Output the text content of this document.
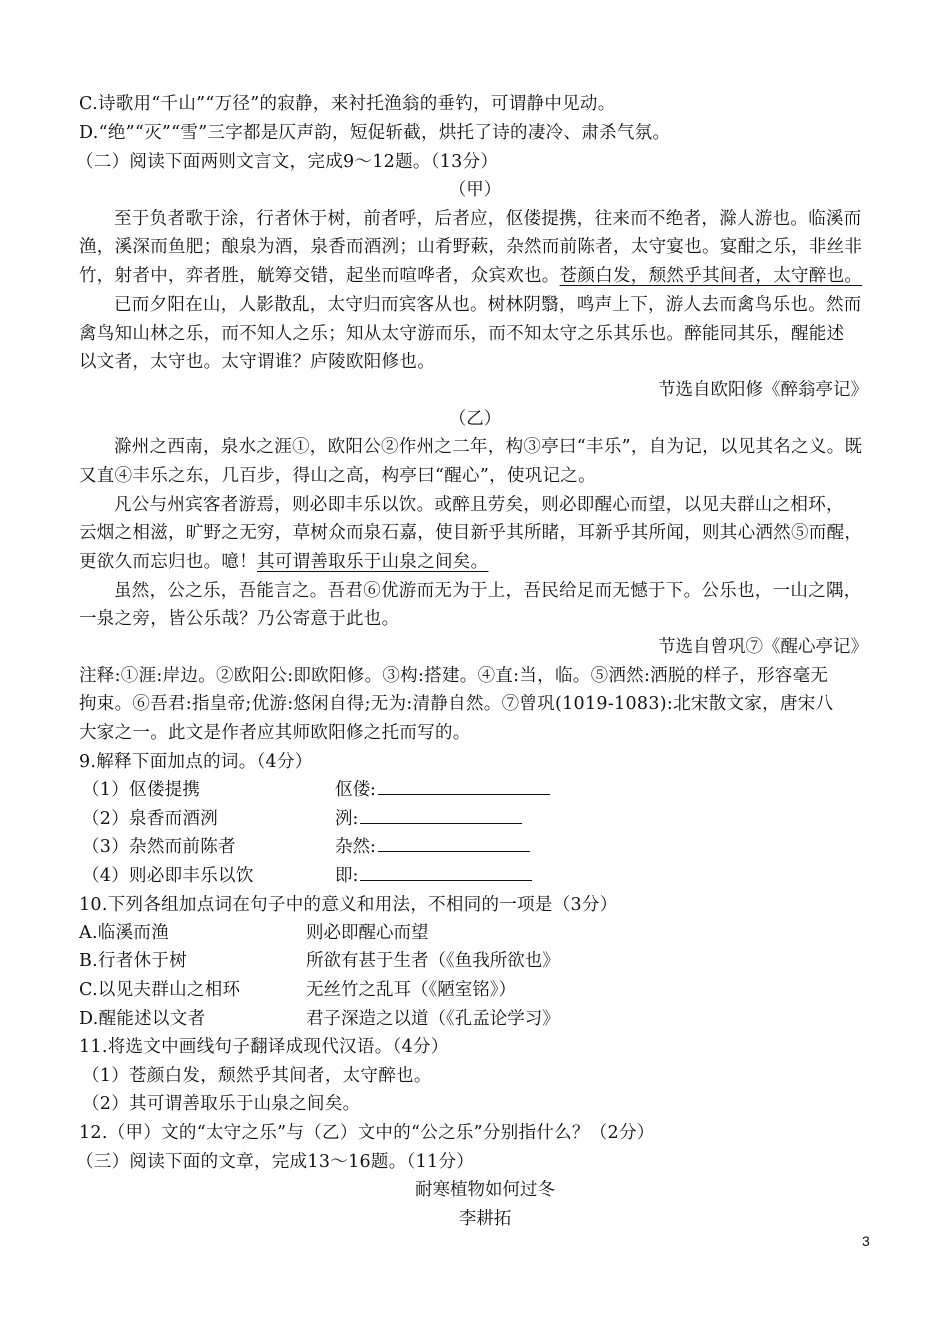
C.诗歌用“千山”“万径”的寂静，来衬托渔翁的垂钓，可谓静中见动。
D.“绝”“灭”“雪”三字都是仄声韵，短促斩截，烘托了诗的凄冷、肃杀气氛。
（二）阅读下面两则文言文，完成9～12题。（13分）
（甲）
至于负者歌于涂，行者休于树，前者呼，后者应，伛偻提携，往来而不绝者，滁人游也。临溪而
渔，溪深而鱼肥；酿泉为酒，泉香而酒洌；山肴野蔌，杂然而前陈者，太守宴也。宴酣之乐，非丝非
竹，射者中，弈者胜，觥筹交错，起坐而喧哗者，众宾欢也。苍颜白发，颓然乎其间者，太守醉也。
已而夕阳在山，人影散乱，太守归而宾客从也。树林阴翳，鸣声上下，游人去而禽鸟乐也。然而
禽鸟知山林之乐，而不知人之乐；知从太守游而乐，而不知太守之乐其乐也。醉能同其乐，醒能述
以文者，太守也。太守谓谁？庐陵欧阳修也。
节选自欧阳修《醉翁亭记》
（乙）
滁州之西南，泉水之涯①，欧阳公②作州之二年，构③亭曰“丰乐”，自为记，以见其名之义。既
又直④丰乐之东，几百步，得山之高，构亭曰“醒心”，使巩记之。
凡公与州宾客者游焉，则必即丰乐以饮。或醉且劳矣，则必即醒心而望，以见夫群山之相环，
云烟之相滋，旷野之无穷，草树众而泉石嘉，使目新乎其所睹，耳新乎其所闻，则其心洒然⑤而醒，
更欲久而忘归也。噫！其可谓善取乐于山泉之间矣。
虽然，公之乐，吾能言之。吾君⑥优游而无为于上，吾民给足而无憾于下。公乐也，一山之隅，
一泉之旁，皆公乐哉？乃公寄意于此也。
节选自曾巩⑦《醒心亭记》
注释:①涯:岸边。②欧阳公:即欧阳修。③构:搭建。④直:当，临。⑤洒然:洒脱的样子，形容毫无
拘束。⑥吾君:指皇帝;优游:悠闲自得;无为:清静自然。⑦曾巩(1019-1083):北宋散文家，唐宋八
大家之一。此文是作者应其师欧阳修之托而写的。
9.解释下面加点的词。（4分）
（1）伛偻提携	伛偻:
（2）泉香而酒洌	洌:
（3）杂然而前陈者	杂然:
（4）则必即丰乐以饮	即:
10.下列各组加点词在句子中的意义和用法，不相同的一项是（3分）
A.临溪而渔	则必即醒心而望
B.行者休于树	所欲有甚于生者（《鱼我所欲也》
C.以见夫群山之相环	无丝竹之乱耳（《陋室铭》）
D.醒能述以文者	君子深造之以道（《孔孟论学习》
11.将选文中画线句子翻译成现代汉语。（4分）
（1）苍颜白发，颓然乎其间者，太守醉也。
（2）其可谓善取乐于山泉之间矣。
12.（甲）文的“太守之乐”与（乙）文中的“公之乐”分别指什么？（2分）
（三）阅读下面的文章，完成13～16题。（11分）
耐寒植物如何过冬
李耕拓
3
